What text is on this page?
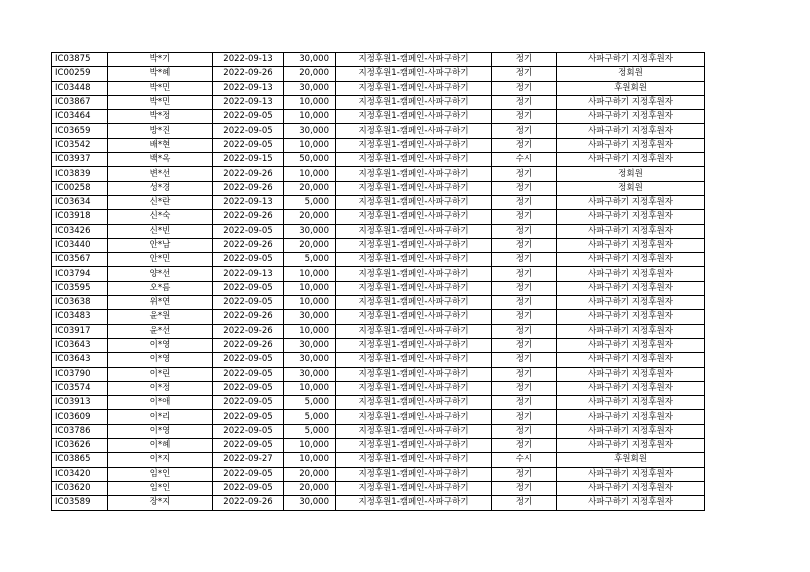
IC03875	박*기	2022-09-13	30,000	지정후원1-캠페인-사파구하기	정기	사파구하기 지정후원자
IC00259	박*혜	2022-09-26	20,000	지정후원1-캠페인-사파구하기	정기	정회원
IC03448	박*민	2022-09-13	30,000	지정후원1-캠페인-사파구하기	정기	후원회원
IC03867	박*민	2022-09-13	10,000	지정후원1-캠페인-사파구하기	정기	사파구하기 지정후원자
IC03464	박*정	2022-09-05	10,000	지정후원1-캠페인-사파구하기	정기	사파구하기 지정후원자
IC03659	방*진	2022-09-05	30,000	지정후원1-캠페인-사파구하기	정기	사파구하기 지정후원자
IC03542	배*현	2022-09-05	10,000	지정후원1-캠페인-사파구하기	정기	사파구하기 지정후원자
IC03937	백*옥	2022-09-15	50,000	지정후원1-캠페인-사파구하기	수시	사파구하기 지정후원자
IC03839	변*선	2022-09-26	10,000	지정후원1-캠페인-사파구하기	정기	정회원
IC00258	성*경	2022-09-26	20,000	지정후원1-캠페인-사파구하기	정기	정회원
IC03634	신*란	2022-09-13	5,000	지정후원1-캠페인-사파구하기	정기	사파구하기 지정후원자
IC03918	신*숙	2022-09-26	20,000	지정후원1-캠페인-사파구하기	정기	사파구하기 지정후원자
IC03426	신*빈	2022-09-05	30,000	지정후원1-캠페인-사파구하기	정기	사파구하기 지정후원자
IC03440	안*남	2022-09-26	20,000	지정후원1-캠페인-사파구하기	정기	사파구하기 지정후원자
IC03567	안*민	2022-09-05	5,000	지정후원1-캠페인-사파구하기	정기	사파구하기 지정후원자
IC03794	양*선	2022-09-13	10,000	지정후원1-캠페인-사파구하기	정기	사파구하기 지정후원자
IC03595	오*름	2022-09-05	10,000	지정후원1-캠페인-사파구하기	정기	사파구하기 지정후원자
IC03638	위*연	2022-09-05	10,000	지정후원1-캠페인-사파구하기	정기	사파구하기 지정후원자
IC03483	윤*원	2022-09-26	30,000	지정후원1-캠페인-사파구하기	정기	사파구하기 지정후원자
IC03917	윤*선	2022-09-26	10,000	지정후원1-캠페인-사파구하기	정기	사파구하기 지정후원자
IC03643	이*영	2022-09-26	30,000	지정후원1-캠페인-사파구하기	정기	사파구하기 지정후원자
IC03643	이*영	2022-09-05	30,000	지정후원1-캠페인-사파구하기	정기	사파구하기 지정후원자
IC03790	이*린	2022-09-05	30,000	지정후원1-캠페인-사파구하기	정기	사파구하기 지정후원자
IC03574	이*정	2022-09-05	10,000	지정후원1-캠페인-사파구하기	정기	사파구하기 지정후원자
IC03913	이*애	2022-09-05	5,000	지정후원1-캠페인-사파구하기	정기	사파구하기 지정후원자
IC03609	이*리	2022-09-05	5,000	지정후원1-캠페인-사파구하기	정기	사파구하기 지정후원자
IC03786	이*영	2022-09-05	5,000	지정후원1-캠페인-사파구하기	정기	사파구하기 지정후원자
IC03626	이*혜	2022-09-05	10,000	지정후원1-캠페인-사파구하기	정기	사파구하기 지정후원자
IC03865	이*지	2022-09-27	10,000	지정후원1-캠페인-사파구하기	수시	후원회원
IC03420	임*인	2022-09-05	20,000	지정후원1-캠페인-사파구하기	정기	사파구하기 지정후원자
IC03620	임*인	2022-09-05	20,000	지정후원1-캠페인-사파구하기	정기	사파구하기 지정후원자
IC03589	장*지	2022-09-26	30,000	지정후원1-캠페인-사파구하기	정기	사파구하기 지정후원자
